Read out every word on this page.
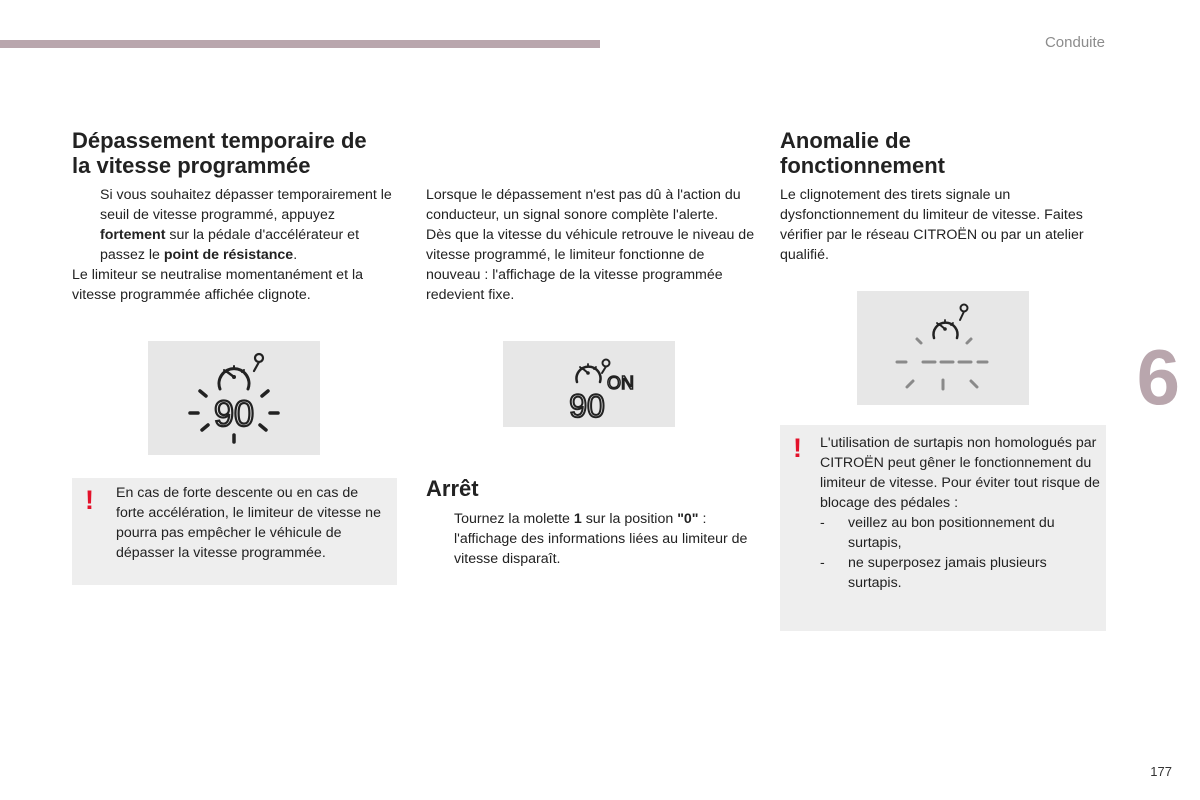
Conduite
6
177
Dépassement temporaire de
la vitesse programmée
Si vous souhaitez dépasser temporairement le seuil de vitesse programmé, appuyez fortement sur la pédale d'accélérateur et passez le point de résistance.

Le limiteur se neutralise momentanément et la vitesse programmée affichée clignote.

90
! En cas de forte descente ou en cas de forte accélération, le limiteur de vitesse ne pourra pas empêcher le véhicule de dépasser la vitesse programmée.

Lorsque le dépassement n'est pas dû à l'action du conducteur, un signal sonore complète l'alerte.

Dès que la vitesse du véhicule retrouve le niveau de vitesse programmé, le limiteur fonctionne de nouveau : l'affichage de la vitesse programmée redevient fixe.

ON
90
Arrêt
Tournez la molette 1 sur la position "0" : l'affichage des informations liées au limiteur de vitesse disparaît.
Anomalie de
fonctionnement

Le clignotement des tirets signale un dysfonctionnement du limiteur de vitesse. Faites vérifier par le réseau CITROËN ou par un atelier qualifié.

! L'utilisation de surtapis non homologués par CITROËN peut gêner le fonctionnement du limiteur de vitesse. Pour éviter tout risque de blocage des pédales :
- veillez au bon positionnement du surtapis,
- ne superposez jamais plusieurs surtapis.
